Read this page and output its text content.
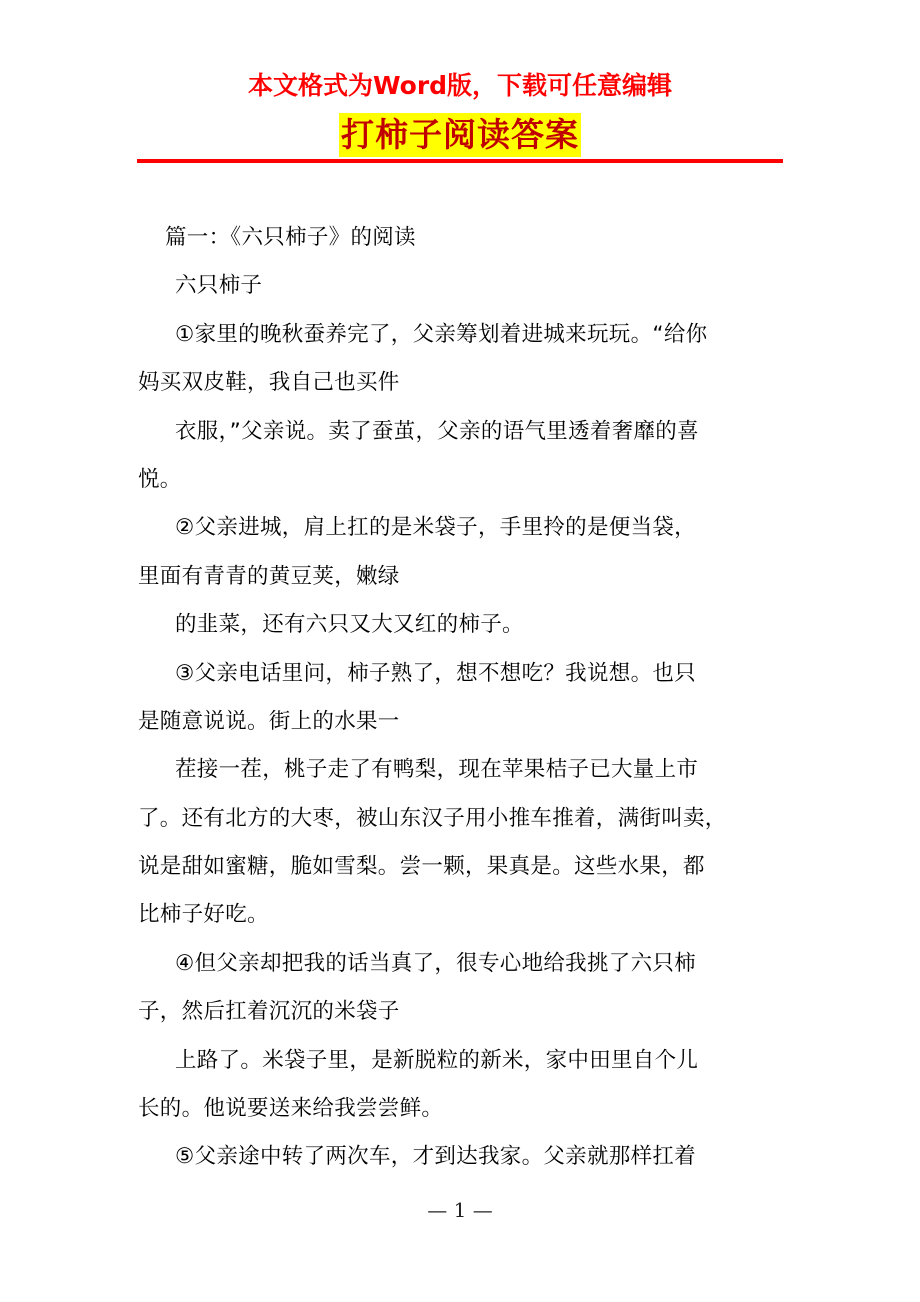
本文格式为Word版，下载可任意编辑
打柿子阅读答案
篇一：《六只柿子》的阅读
六只柿子
①家里的晚秋蚕养完了，父亲筹划着进城来玩玩。“给你
妈买双皮鞋，我自己也买件
衣服，”父亲说。卖了蚕茧，父亲的语气里透着奢靡的喜
悦。
②父亲进城，肩上扛的是米袋子，手里拎的是便当袋，
里面有青青的黄豆荚，嫩绿
的韭菜，还有六只又大又红的柿子。
③父亲电话里问，柿子熟了，想不想吃？我说想。也只
是随意说说。街上的水果一
茬接一茬，桃子走了有鸭梨，现在苹果桔子已大量上市
了。还有北方的大枣，被山东汉子用小推车推着，满街叫卖，
说是甜如蜜糖，脆如雪梨。尝一颗，果真是。这些水果，都
比柿子好吃。
④但父亲却把我的话当真了，很专心地给我挑了六只柿
子，然后扛着沉沉的米袋子
上路了。米袋子里，是新脱粒的新米，家中田里自个儿
长的。他说要送来给我尝尝鲜。
⑤父亲途中转了两次车，才到达我家。父亲就那样扛着
— 1 —
